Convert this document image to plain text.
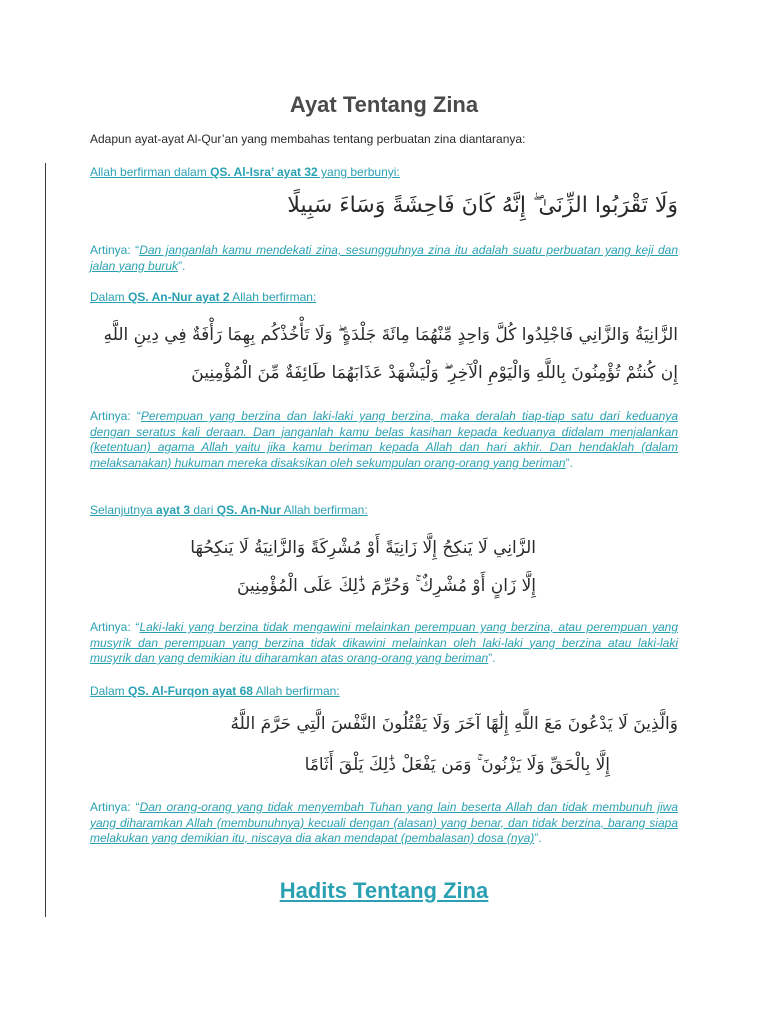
Ayat Tentang Zina

Adapun ayat-ayat Al-Qur’an yang membahas tentang perbuatan zina diantaranya:

Allah berfirman dalam QS. Al-Isra’ ayat 32 yang berbunyi:

وَلَا تَقْرَبُوا الزِّنَىٰ ۖ إِنَّهُ كَانَ فَاحِشَةً وَسَاءَ سَبِيلًا

Artinya: “Dan janganlah kamu mendekati zina, sesungguhnya zina itu adalah suatu perbuatan yang keji dan jalan yang buruk”.

Dalam QS. An-Nur ayat 2 Allah berfirman:

الزَّانِيَةُ وَالزَّانِي فَاجْلِدُوا كُلَّ وَاحِدٍ مِّنْهُمَا مِائَةَ جَلْدَةٍ ۖ وَلَا تَأْخُذْكُم بِهِمَا رَأْفَةٌ فِي دِينِ اللَّهِ

إِن كُنتُمْ تُؤْمِنُونَ بِاللَّهِ وَالْيَوْمِ الْآخِرِ ۖ وَلْيَشْهَدْ عَذَابَهُمَا طَائِفَةٌ مِّنَ الْمُؤْمِنِينَ

Artinya: “Perempuan yang berzina dan laki-laki yang berzina, maka deralah tiap-tiap satu dari keduanya dengan seratus kali deraan. Dan janganlah kamu belas kasihan kepada keduanya didalam menjalankan (ketentuan) agama Allah yaitu jika kamu beriman kepada Allah dan hari akhir. Dan hendaklah (dalam melaksanakan) hukuman mereka disaksikan oleh sekumpulan orang-orang yang beriman”.

Selanjutnya ayat 3 dari QS. An-Nur Allah berfirman:

الزَّانِي لَا يَنكِحُ إِلَّا زَانِيَةً أَوْ مُشْرِكَةً وَالزَّانِيَةُ لَا يَنكِحُهَا

إِلَّا زَانٍ أَوْ مُشْرِكٌ ۚ وَحُرِّمَ ذَٰلِكَ عَلَى الْمُؤْمِنِينَ

Artinya: “Laki-laki yang berzina tidak mengawini melainkan perempuan yang berzina, atau perempuan yang musyrik dan perempuan yang berzina tidak dikawini melainkan oleh laki-laki yang berzina atau laki-laki musyrik dan yang demikian itu diharamkan atas orang-orang yang beriman”.

Dalam QS. Al-Furqon ayat 68 Allah berfirman:

وَالَّذِينَ لَا يَدْعُونَ مَعَ اللَّهِ إِلَٰهًا آخَرَ وَلَا يَقْتُلُونَ النَّفْسَ الَّتِي حَرَّمَ اللَّهُ

إِلَّا بِالْحَقِّ وَلَا يَزْنُونَ ۚ وَمَن يَفْعَلْ ذَٰلِكَ يَلْقَ أَثَامًا

Artinya: “Dan orang-orang yang tidak menyembah Tuhan yang lain beserta Allah dan tidak membunuh jiwa yang diharamkan Allah (membunuhnya) kecuali dengan (alasan) yang benar, dan tidak berzina, barang siapa melakukan yang demikian itu, niscaya dia akan mendapat (pembalasan) dosa (nya)”.

Hadits Tentang Zina
